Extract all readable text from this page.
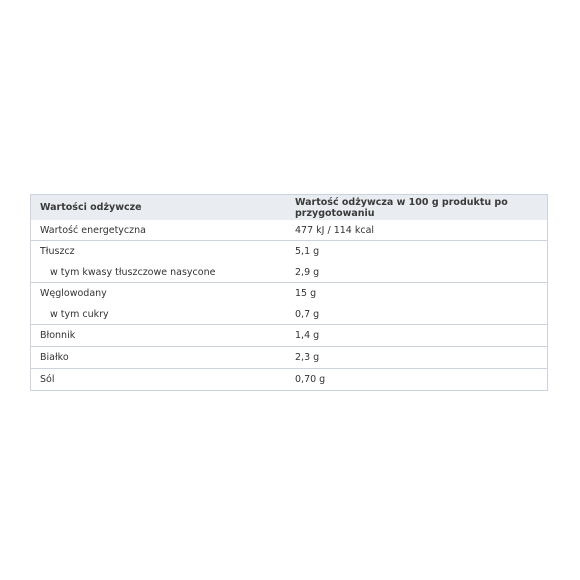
Wartości odżywcze	Wartość odżywcza w 100 g produktu po przygotowaniu
Wartość energetyczna	477 kJ / 114 kcal
Tłuszcz	5,1 g
w tym kwasy tłuszczowe nasycone	2,9 g
Węglowodany	15 g
w tym cukry	0,7 g
Błonnik	1,4 g
Białko	2,3 g
Sól	0,70 g
